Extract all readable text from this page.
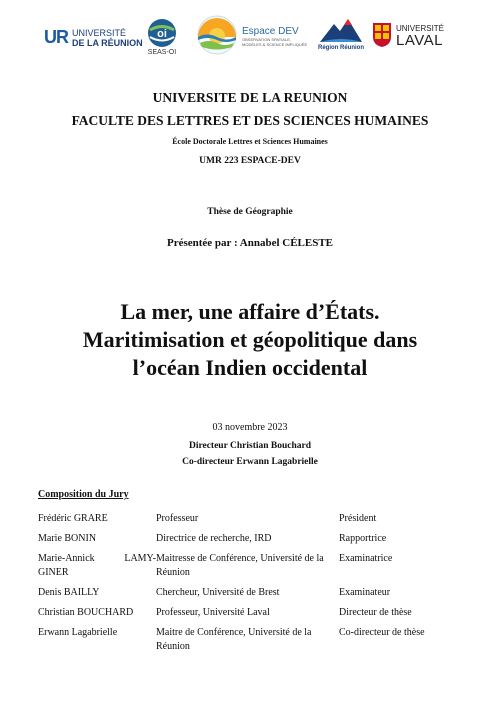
UR UNIVERSITÉ
DE LA RÉUNION
oi
SEAS-OI
Espace DEV
OBSERVATION SPATIALE, MODÈLES & SCIENCE IMPLIQUÉE
Région Réunion
UNIVERSITÉ
LAVAL

UNIVERSITE DE LA REUNION

FACULTE DES LETTRES ET DES SCIENCES HUMAINES

École Doctorale Lettres et Sciences Humaines

UMR 223 ESPACE-DEV

Thèse de Géographie

Présentée par : Annabel CÉLESTE

La mer, une affaire d’États.
Maritimisation et géopolitique dans
l’océan Indien occidental

03 novembre 2023

Directeur Christian Bouchard

Co-directeur Erwann Lagabrielle

Composition du Jury

Frédéric GRARE	Professeur	Président
Marie BONIN	Directrice de recherche, IRD	Rapportrice
Marie-Annick LAMY-GINER	Maitresse de Conférence, Université de la Réunion	Examinatrice
Denis BAILLY	Chercheur, Université de Brest	Examinateur
Christian BOUCHARD	Professeur, Université Laval	Directeur de thèse
Erwann Lagabrielle	Maitre de Conférence, Université de la Réunion	Co-directeur de thèse
